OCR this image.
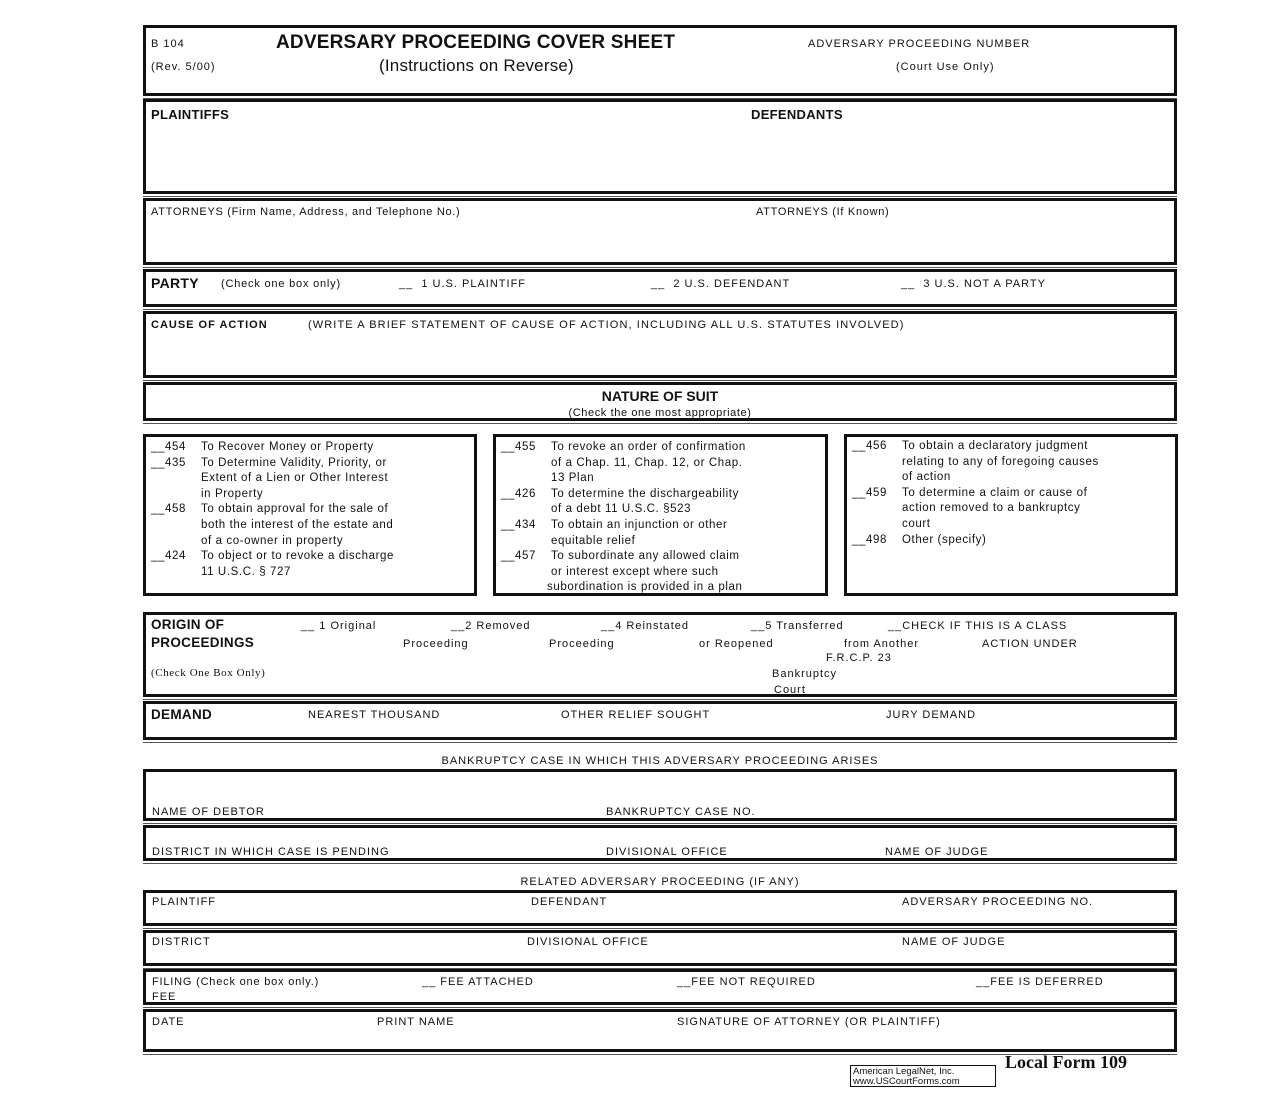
B 104
(Rev. 5/00)
ADVERSARY PROCEEDING COVER SHEET
(Instructions on Reverse)
ADVERSARY PROCEEDING NUMBER
(Court Use Only)
PLAINTIFFS	DEFENDANTS
ATTORNEYS (Firm Name, Address, and Telephone No.)	ATTORNEYS (If Known)
PARTY (Check one box only)	__ 1 U.S. PLAINTIFF	__ 2 U.S. DEFENDANT	__ 3 U.S. NOT A PARTY
CAUSE OF ACTION	(WRITE A BRIEF STATEMENT OF CAUSE OF ACTION, INCLUDING ALL U.S. STATUTES INVOLVED)
NATURE OF SUIT
(Check the one most appropriate)
__454 To Recover Money or Property
__435 To Determine Validity, Priority, or
Extent of a Lien or Other Interest
in Property
__458 To obtain approval for the sale of
both the interest of the estate and
of a co-owner in property
__424 To object or to revoke a discharge
11 U.S.C. § 727
__455 To revoke an order of confirmation
of a Chap. 11, Chap. 12, or Chap.
13 Plan
__426 To determine the dischargeability
of a debt 11 U.S.C. §523
__434 To obtain an injunction or other
equitable relief
__457 To subordinate any allowed claim
or interest except where such
subordination is provided in a plan
__456 To obtain a declaratory judgment
relating to any of foregoing causes
of action
__459 To determine a claim or cause of
action removed to a bankruptcy
court
__498 Other (specify)
ORIGIN OF
PROCEEDINGS
(Check One Box Only)
__ 1 Original
Proceeding
__2 Removed
Proceeding
__4 Reinstated
or Reopened
__5 Transferred
from Another
Bankruptcy
Court
__CHECK IF THIS IS A CLASS
ACTION UNDER
F.R.C.P. 23
DEMAND	NEAREST THOUSAND	OTHER RELIEF SOUGHT	JURY DEMAND
BANKRUPTCY CASE IN WHICH THIS ADVERSARY PROCEEDING ARISES
NAME OF DEBTOR	BANKRUPTCY CASE NO.
DISTRICT IN WHICH CASE IS PENDING	DIVISIONAL OFFICE	NAME OF JUDGE
RELATED ADVERSARY PROCEEDING (IF ANY)
PLAINTIFF	DEFENDANT	ADVERSARY PROCEEDING NO.
DISTRICT	DIVISIONAL OFFICE	NAME OF JUDGE
FILING (Check one box only.)
FEE
__ FEE ATTACHED	__FEE NOT REQUIRED	__FEE IS DEFERRED
DATE	PRINT NAME	SIGNATURE OF ATTORNEY (OR PLAINTIFF)
American LegalNet, Inc.
www.USCourtForms.com
Local Form 109
